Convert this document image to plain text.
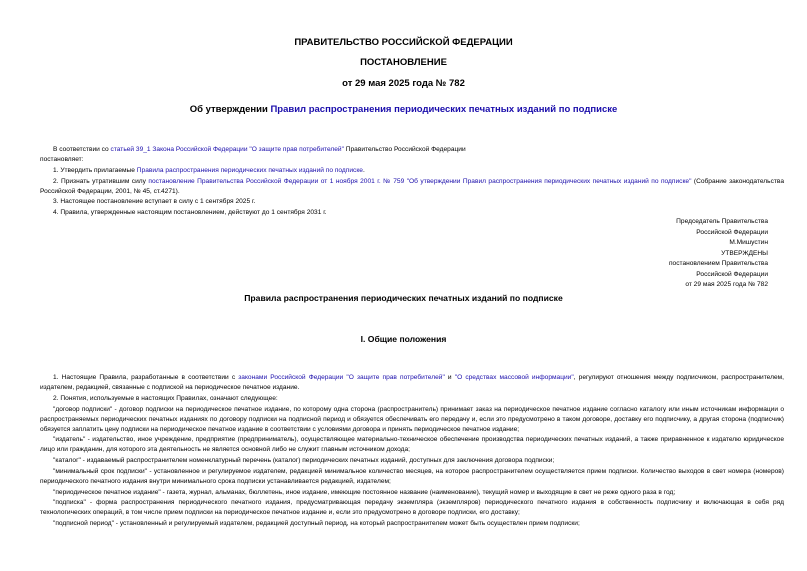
ПРАВИТЕЛЬСТВО РОССИЙСКОЙ ФЕДЕРАЦИИ

ПОСТАНОВЛЕНИЕ

от 29 мая 2025 года № 782

Об утверждении Правил распространения периодических печатных изданий по подписке

В соответствии со статьей 39_1 Закона Российской Федерации "О защите прав потребителей" Правительство Российской Федерации

постановляет:

1. Утвердить прилагаемые Правила распространения периодических печатных изданий по подписке.

2. Признать утратившим силу постановление Правительства Российской Федерации от 1 ноября 2001 г. № 759 "Об утверждении Правил распространения периодических печатных изданий по подписке" (Собрание законодательства Российской Федерации, 2001, № 45, ст.4271).

3. Настоящее постановление вступает в силу с 1 сентября 2025 г.

4. Правила, утвержденные настоящим постановлением, действуют до 1 сентября 2031 г.

Председатель Правительства
Российской Федерации
М.Мишустин
УТВЕРЖДЕНЫ
постановлением Правительства
Российской Федерации
от 29 мая 2025 года № 782

Правила распространения периодических печатных изданий по подписке

I. Общие положения

1. Настоящие Правила, разработанные в соответствии с законами Российской Федерации "О защите прав потребителей" и "О средствах массовой информации", регулируют отношения между подписчиком, распространителем, издателем, редакцией, связанные с подпиской на периодическое печатное издание.

2. Понятия, используемые в настоящих Правилах, означают следующее:

"договор подписки" - договор подписки на периодическое печатное издание, по которому одна сторона (распространитель) принимает заказ на периодическое печатное издание согласно каталогу или иным источникам информации о распространяемых периодических печатных изданиях по договору подписки на подписной период и обязуется обеспечивать его передачу и, если это предусмотрено в таком договоре, доставку его подписчику, а другая сторона (подписчик) обязуется заплатить цену подписки на периодическое печатное издание в соответствии с условиями договора и принять периодическое печатное издание;

"издатель" - издательство, иное учреждение, предприятие (предприниматель), осуществляющее материально-техническое обеспечение производства периодических печатных изданий, а также приравненное к издателю юридическое лицо или гражданин, для которого эта деятельность не является основной либо не служит главным источником дохода;

"каталог" - издаваемый распространителем номенклатурный перечень (каталог) периодических печатных изданий, доступных для заключения договора подписки;

"минимальный срок подписки" - установленное и регулируемое издателем, редакцией минимальное количество месяцев, на которое распространителем осуществляется прием подписки. Количество выходов в свет номера (номеров) периодического печатного издания внутри минимального срока подписки устанавливается редакцией, издателем;

"периодическое печатное издание" - газета, журнал, альманах, бюллетень, иное издание, имеющие постоянное название (наименование), текущий номер и выходящие в свет не реже одного раза в год;

"подписка" - форма распространения периодического печатного издания, предусматривающая передачу экземпляра (экземпляров) периодического печатного издания в собственность подписчику и включающая в себя ряд технологических операций, в том числе прием подписки на периодическое печатное издание и, если это предусмотрено в договоре подписки, его доставку;

"подписной период" - установленный и регулируемый издателем, редакцией доступный период, на который распространителем может быть осуществлен прием подписки;
